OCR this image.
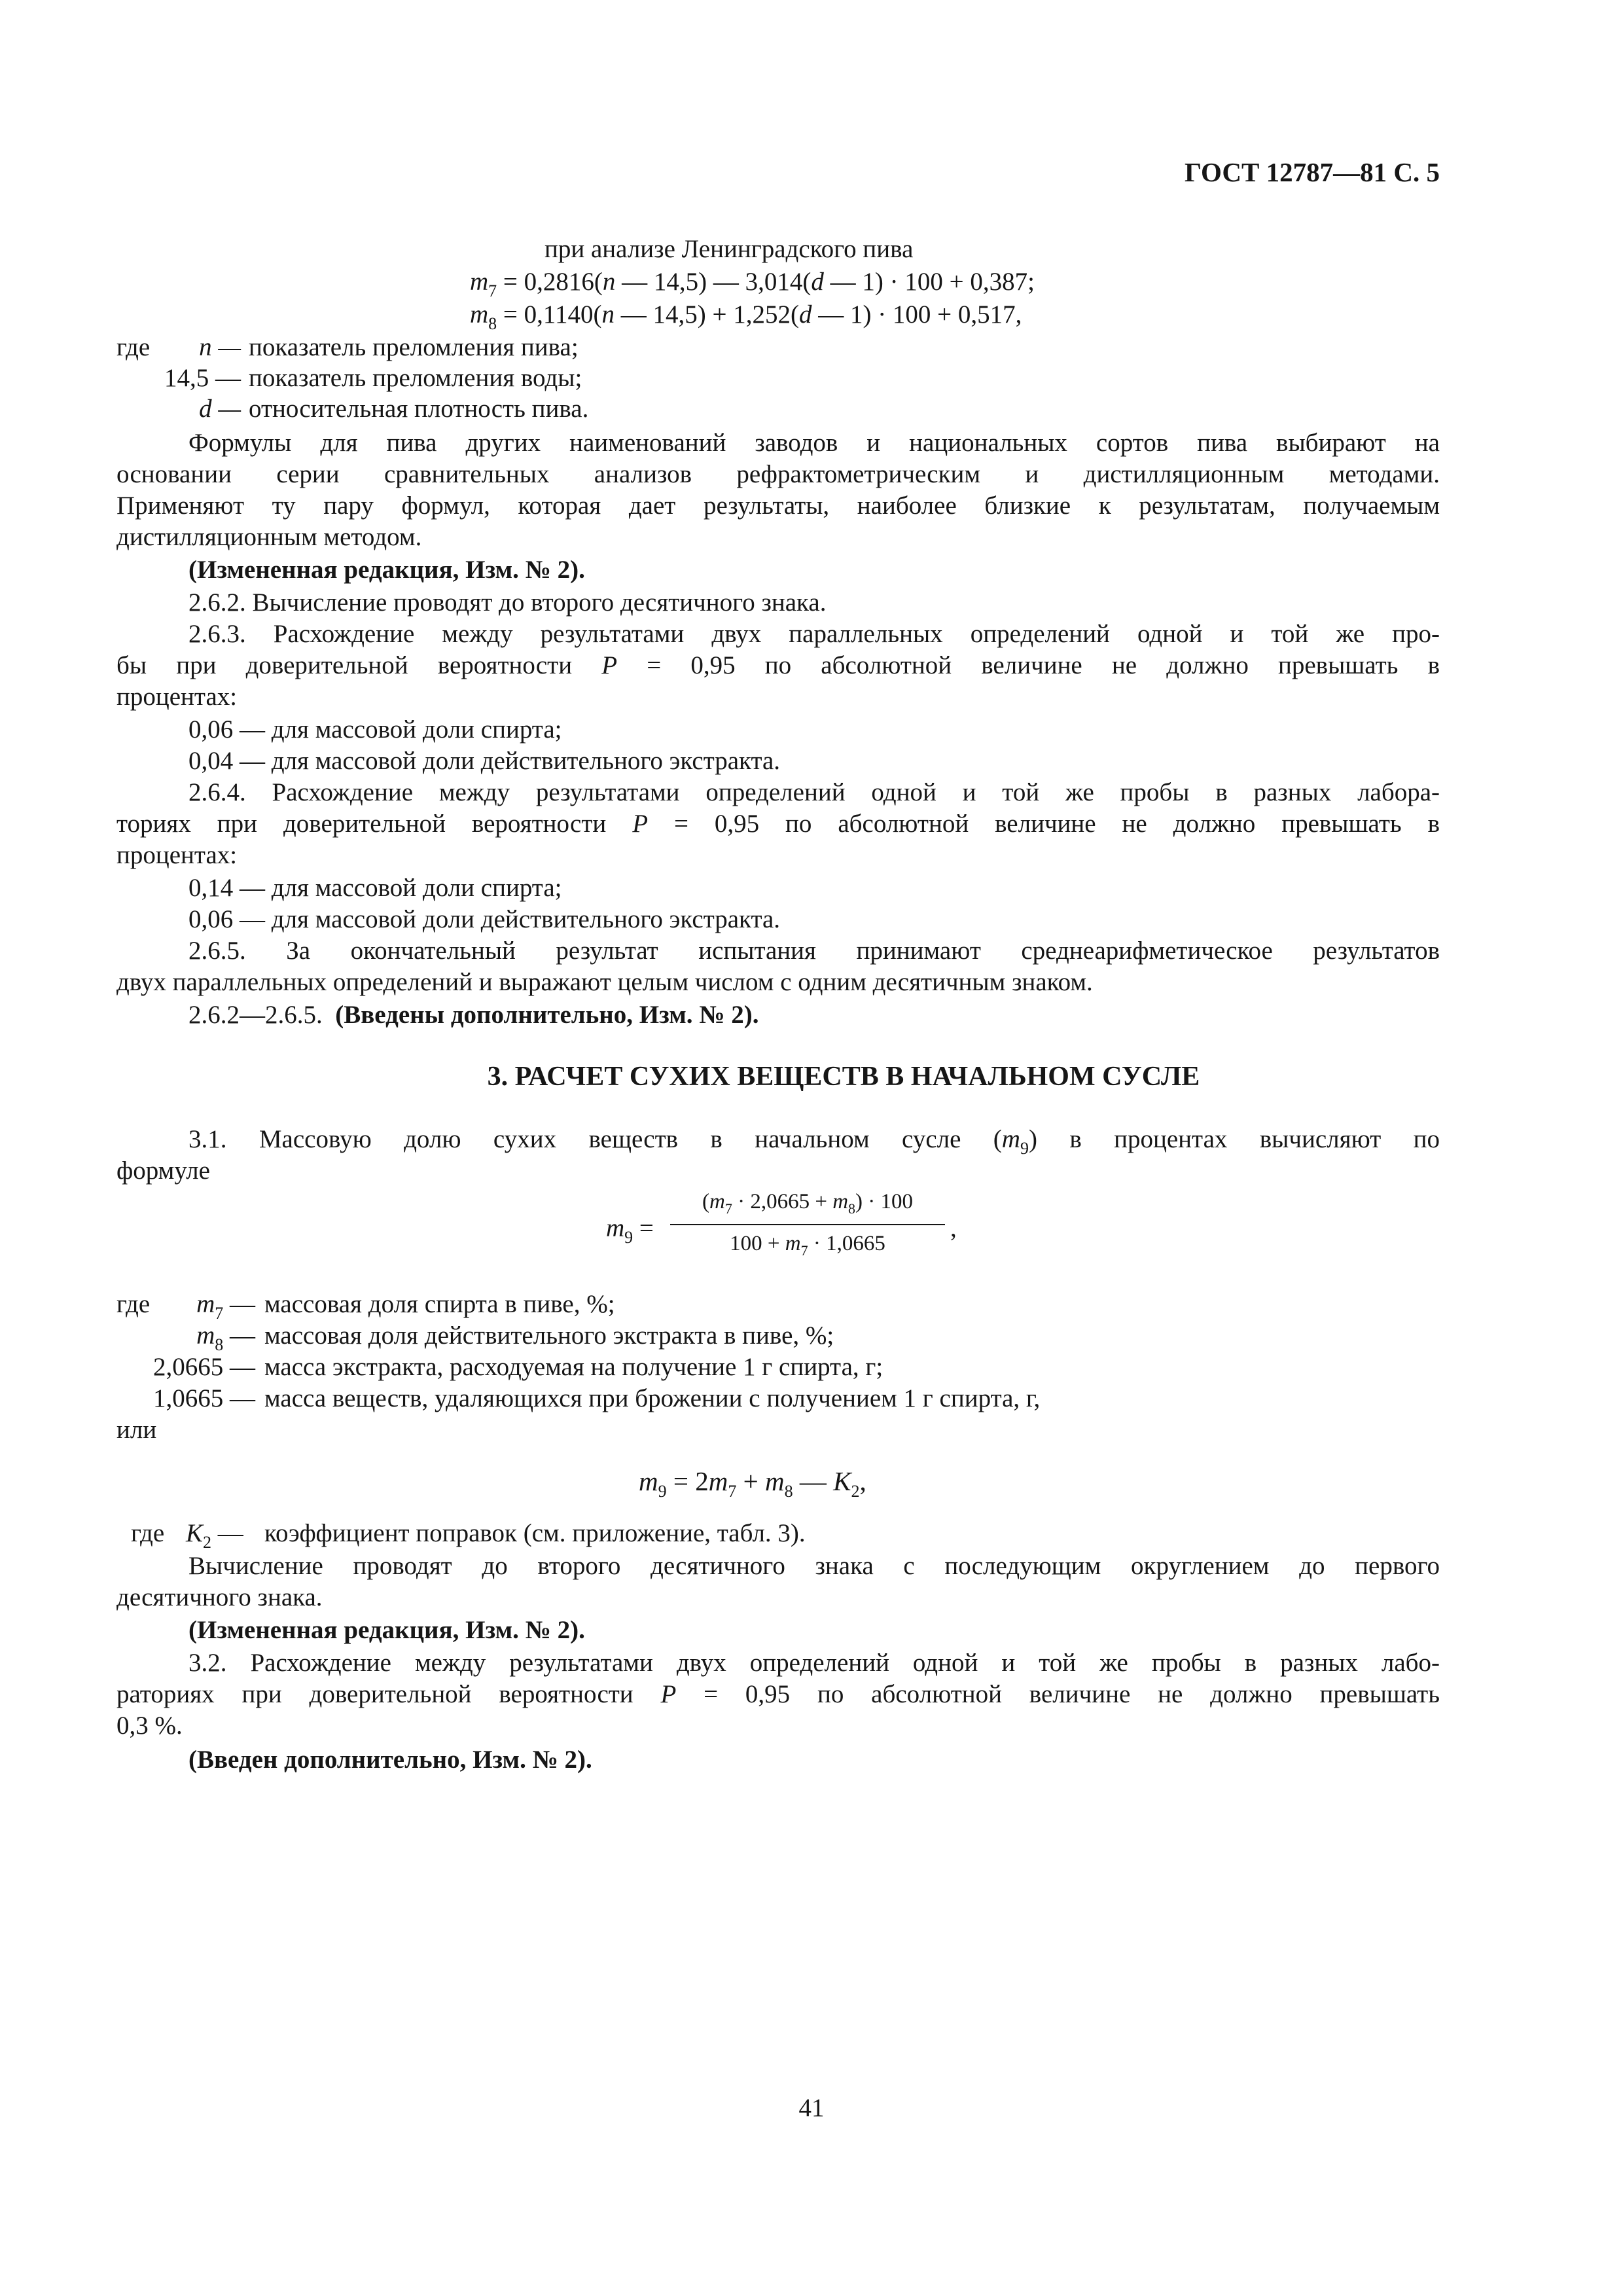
ГОСТ 12787—81 С. 5
при анализе Ленинградского пива
$m_7 = 0,2816(n$ — 14,5) — 3,014(d — 1) · 100 + 0,387;
$m_8 = 0,1140(n$ — 14,5) + 1,252(d — 1) · 100 + 0,517,
где n — показатель преломления пива;
14,5 — показатель преломления воды;
d — относительная плотность пива.
Формулы для пива других наименований заводов и национальных сортов пива выбирают на
основании серии сравнительных анализов рефрактометрическим и дистилляционным методами.
Применяют ту пару формул, которая дает результаты, наиболее близкие к результатам, получаемым
дистилляционным методом.
(Измененная редакция, Изм. № 2).
2.6.2. Вычисление проводят до второго десятичного знака.
2.6.3. Расхождение между результатами двух параллельных определений одной и той же про-
бы при доверительной вероятности P = 0,95 по абсолютной величине не должно превышать в
процентах:
0,06 — для массовой доли спирта;
0,04 — для массовой доли действительного экстракта.
2.6.4. Расхождение между результатами определений одной и той же пробы в разных лабора-
ториях при доверительной вероятности P = 0,95 по абсолютной величине не должно превышать в
процентах:
0,14 — для массовой доли спирта;
0,06 — для массовой доли действительного экстракта.
2.6.5. За окончательный результат испытания принимают среднеарифметическое результатов
двух параллельных определений и выражают целым числом с одним десятичным знаком.
2.6.2—2.6.5. (Введены дополнительно, Изм. № 2).
3. РАСЧЕТ СУХИХ ВЕЩЕСТВ В НАЧАЛЬНОМ СУСЛЕ
3.1. Массовую долю сухих веществ в начальном сусле $(m_9)$ в процентах вычисляют по
формуле
$m_9$ =
$(m_7 \cdot 2,0665 + m_8) \cdot 100$
$100 + m_7 \cdot 1,0665$
,
где $m_7$ — массовая доля спирта в пиве, %;
$m_8$ — массовая доля действительного экстракта в пиве, %;
2,0665 — масса экстракта, расходуемая на получение 1 г спирта, г;
1,0665 — масса веществ, удаляющихся при брожении с получением 1 г спирта, г,
или
$m_9 = 2m_7 + m_8$ — $K_2$,
где $K_2$ — коэффициент поправок (см. приложение, табл. 3).
Вычисление проводят до второго десятичного знака с последующим округлением до первого
десятичного знака.
(Измененная редакция, Изм. № 2).
3.2. Расхождение между результатами двух определений одной и той же пробы в разных лабо-
раториях при доверительной вероятности P = 0,95 по абсолютной величине не должно превышать
0,3 %.
(Введен дополнительно, Изм. № 2).
41
